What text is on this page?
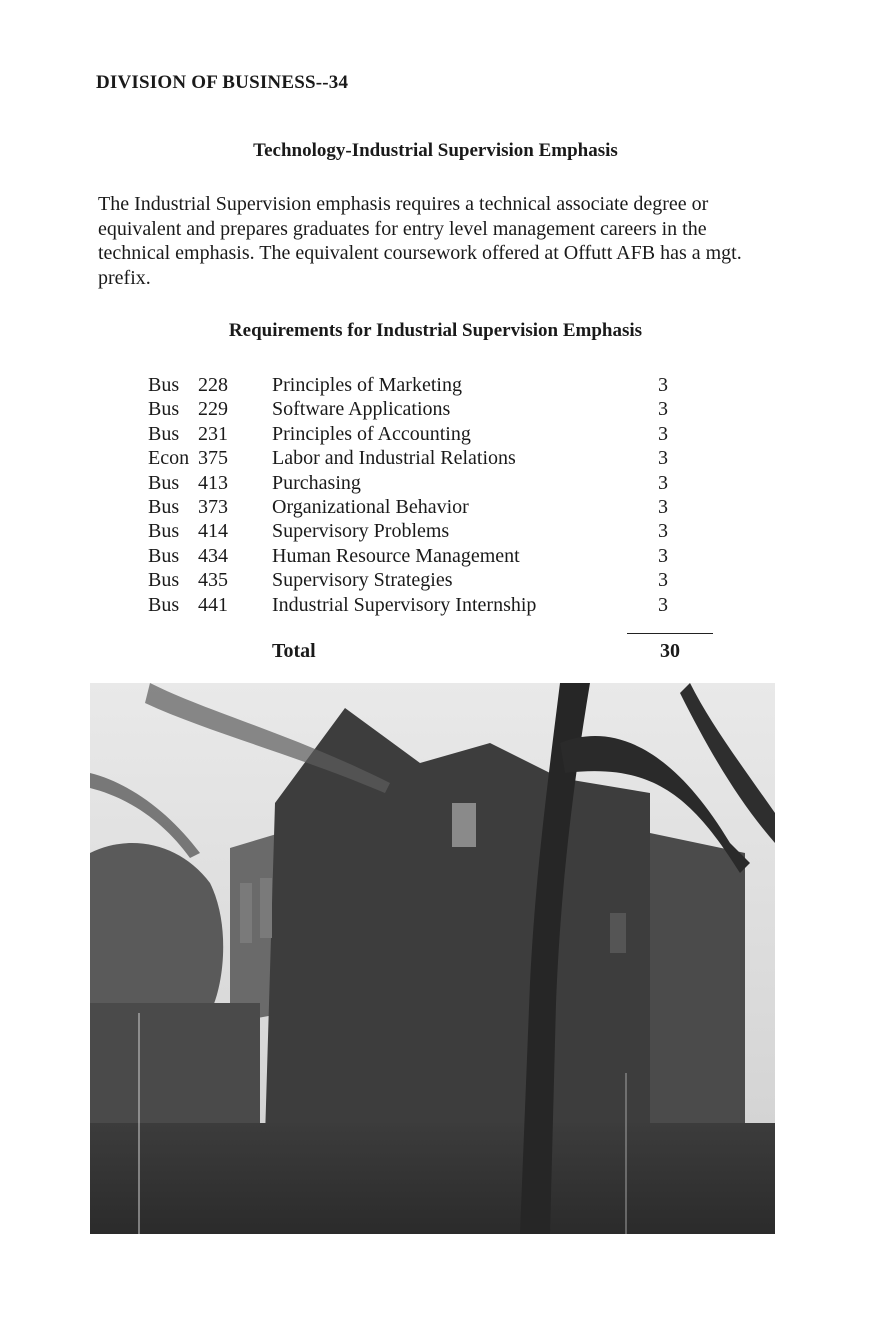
DIVISION OF BUSINESS--34
Technology-Industrial Supervision Emphasis

The Industrial Supervision emphasis requires a technical associate degree or equivalent and prepares graduates for entry level management careers in the technical emphasis. The equivalent coursework offered at Offutt AFB has a mgt. prefix.

Requirements for Industrial Supervision Emphasis
Bus	228	Principles of Marketing	3
Bus	229	Software Applications	3
Bus	231	Principles of Accounting	3
Econ	375	Labor and Industrial Relations	3
Bus	413	Purchasing	3
Bus	373	Organizational Behavior	3
Bus	414	Supervisory Problems	3
Bus	434	Human Resource Management	3
Bus	435	Supervisory Strategies	3
Bus	441	Industrial Supervisory Internship	3
Total	30
